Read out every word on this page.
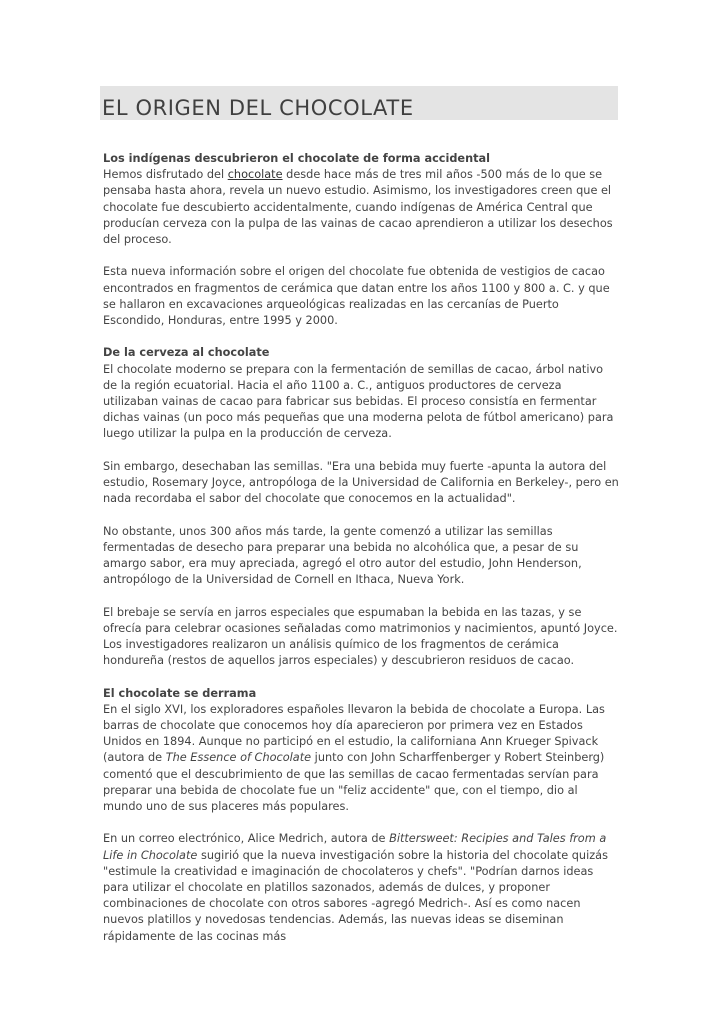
EL ORIGEN DEL CHOCOLATE

Los indígenas descubrieron el chocolate de forma accidental
Hemos disfrutado del chocolate desde hace más de tres mil años -500 más de lo que se pensaba hasta ahora, revela un nuevo estudio. Asimismo, los investigadores creen que el chocolate fue descubierto accidentalmente, cuando indígenas de América Central que producían cerveza con la pulpa de las vainas de cacao aprendieron a utilizar los desechos del proceso.

Esta nueva información sobre el origen del chocolate fue obtenida de vestigios de cacao encontrados en fragmentos de cerámica que datan entre los años 1100 y 800 a. C. y que se hallaron en excavaciones arqueológicas realizadas en las cercanías de Puerto Escondido, Honduras, entre 1995 y 2000.

De la cerveza al chocolate
El chocolate moderno se prepara con la fermentación de semillas de cacao, árbol nativo de la región ecuatorial. Hacia el año 1100 a. C., antiguos productores de cerveza utilizaban vainas de cacao para fabricar sus bebidas. El proceso consistía en fermentar dichas vainas (un poco más pequeñas que una moderna pelota de fútbol americano) para luego utilizar la pulpa en la producción de cerveza.

Sin embargo, desechaban las semillas. "Era una bebida muy fuerte -apunta la autora del estudio, Rosemary Joyce, antropóloga de la Universidad de California en Berkeley-, pero en nada recordaba el sabor del chocolate que conocemos en la actualidad".

No obstante, unos 300 años más tarde, la gente comenzó a utilizar las semillas fermentadas de desecho para preparar una bebida no alcohólica que, a pesar de su amargo sabor, era muy apreciada, agregó el otro autor del estudio, John Henderson, antropólogo de la Universidad de Cornell en Ithaca, Nueva York.

El brebaje se servía en jarros especiales que espumaban la bebida en las tazas, y se ofrecía para celebrar ocasiones señaladas como matrimonios y nacimientos, apuntó Joyce. Los investigadores realizaron un análisis químico de los fragmentos de cerámica hondureña (restos de aquellos jarros especiales) y descubrieron residuos de cacao.

El chocolate se derrama
En el siglo XVI, los exploradores españoles llevaron la bebida de chocolate a Europa. Las barras de chocolate que conocemos hoy día aparecieron por primera vez en Estados Unidos en 1894. Aunque no participó en el estudio, la californiana Ann Krueger Spivack (autora de The Essence of Chocolate junto con John Scharffenberger y Robert Steinberg) comentó que el descubrimiento de que las semillas de cacao fermentadas servían para preparar una bebida de chocolate fue un "feliz accidente" que, con el tiempo, dio al mundo uno de sus placeres más populares.

En un correo electrónico, Alice Medrich, autora de Bittersweet: Recipies and Tales from a Life in Chocolate sugirió que la nueva investigación sobre la historia del chocolate quizás "estimule la creatividad e imaginación de chocolateros y chefs". "Podrían darnos ideas para utilizar el chocolate en platillos sazonados, además de dulces, y proponer combinaciones de chocolate con otros sabores -agregó Medrich-. Así es como nacen nuevos platillos y novedosas tendencias. Además, las nuevas ideas se diseminan rápidamente de las cocinas más
